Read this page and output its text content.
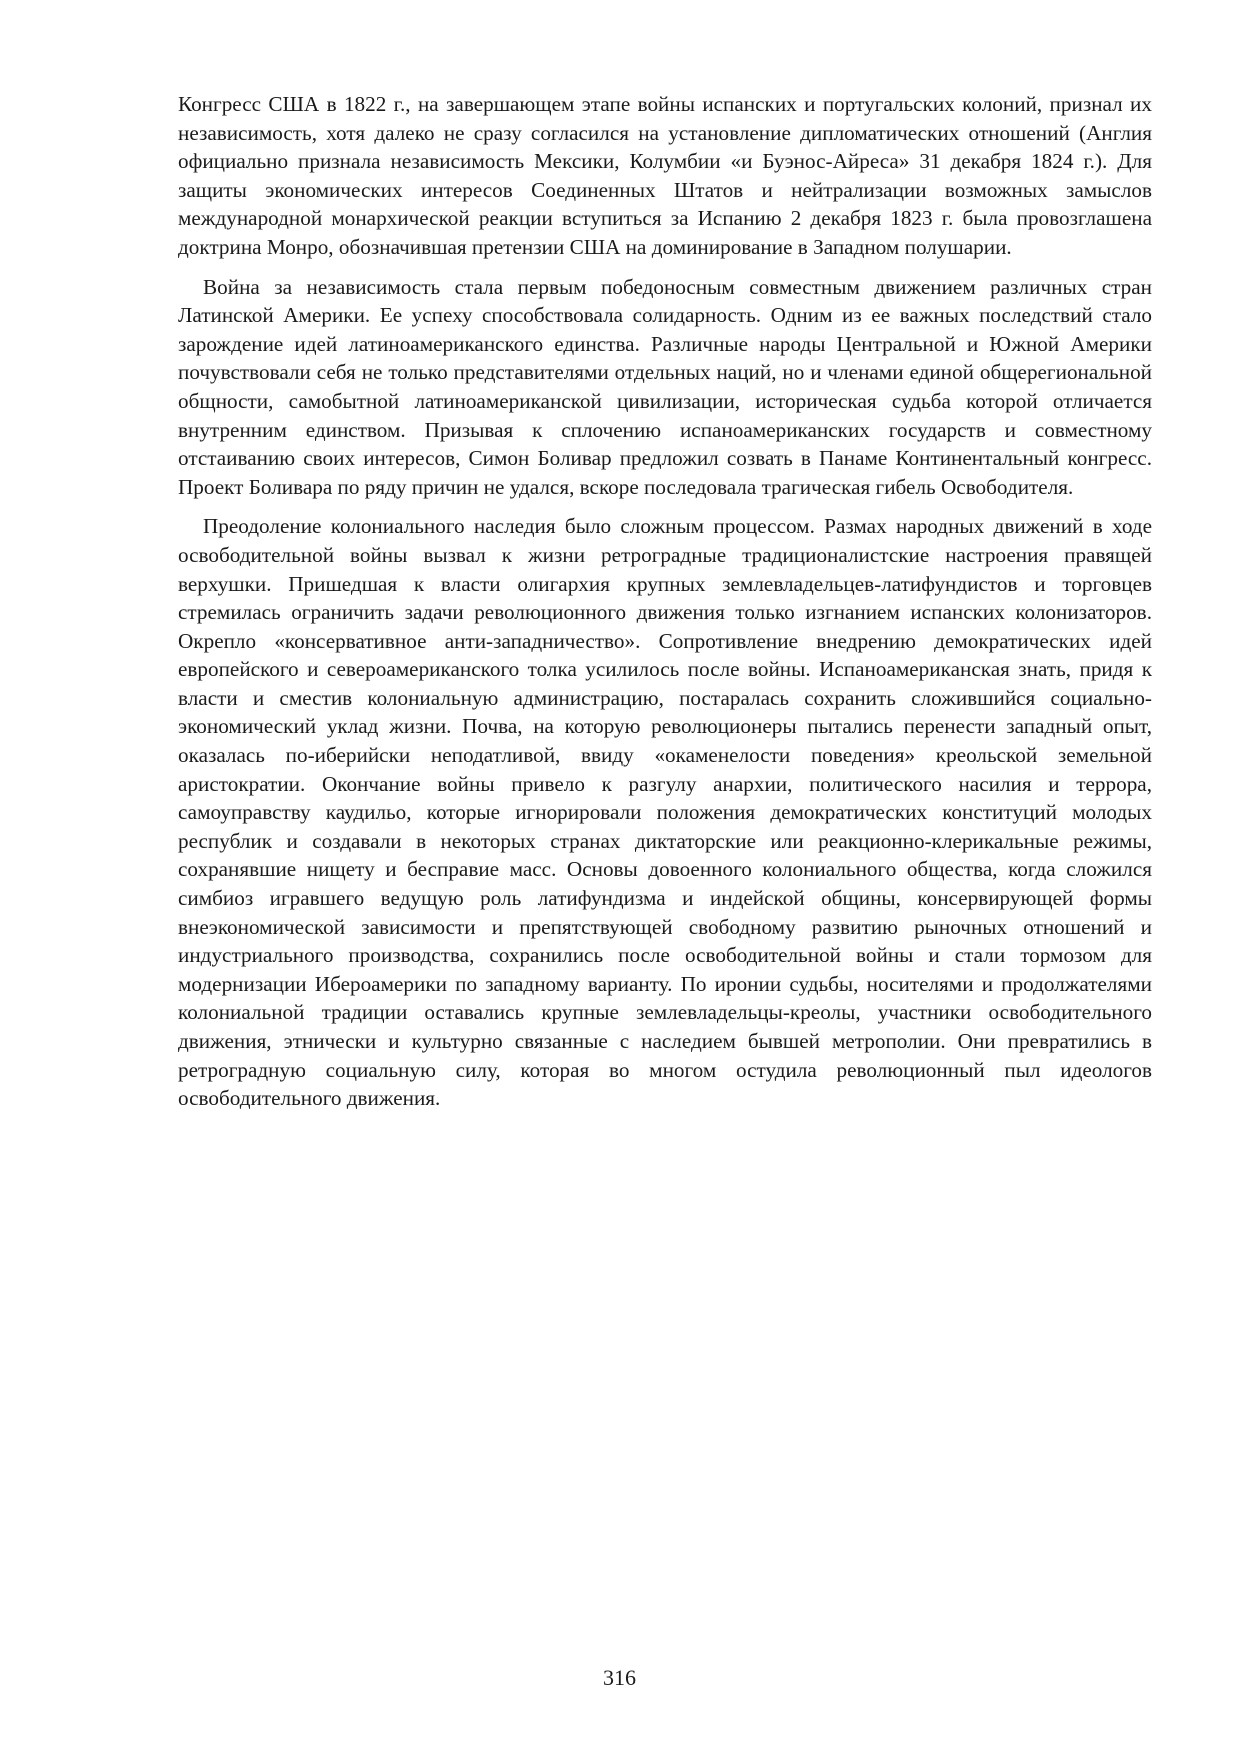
Конгресс США в 1822 г., на завершающем этапе войны испанских и португальских колоний, признал их независимость, хотя далеко не сразу согласился на установление дипломатических отношений (Англия официально признала независимость Мексики, Колумбии «и Буэнос-Айреса» 31 декабря 1824 г.). Для защиты экономических интересов Соединенных Штатов и нейтрализации возможных замыслов международной монархической реакции вступиться за Испанию 2 декабря 1823 г. была провозглашена доктрина Монро, обозначившая претензии США на доминирование в Западном полушарии.

Война за независимость стала первым победоносным совместным движением различных стран Латинской Америки. Ее успеху способствовала солидарность. Одним из ее важных последствий стало зарождение идей латиноамериканского единства. Различные народы Центральной и Южной Америки почувствовали себя не только представителями отдельных наций, но и членами единой общерегиональной общности, самобытной латиноамериканской цивилизации, историческая судьба которой отличается внутренним единством. Призывая к сплочению испаноамериканских государств и совместному отстаиванию своих интересов, Симон Боливар предложил созвать в Панаме Континентальный конгресс. Проект Боливара по ряду причин не удался, вскоре последовала трагическая гибель Освободителя.

Преодоление колониального наследия было сложным процессом. Размах народных движений в ходе освободительной войны вызвал к жизни ретроградные традиционалистские настроения правящей верхушки. Пришедшая к власти олигархия крупных землевладельцев-латифундистов и торговцев стремилась ограничить задачи революционного движения только изгнанием испанских колонизаторов. Окрепло «консервативное анти-западничество». Сопротивление внедрению демократических идей европейского и североамериканского толка усилилось после войны. Испаноамериканская знать, придя к власти и сместив колониальную администрацию, постаралась сохранить сложившийся социально-экономический уклад жизни. Почва, на которую революционеры пытались перенести западный опыт, оказалась по-иберийски неподатливой, ввиду «окаменелости поведения» креольской земельной аристократии. Окончание войны привело к разгулу анархии, политического насилия и террора, самоуправству каудильо, которые игнорировали положения демократических конституций молодых республик и создавали в некоторых странах диктаторские или реакционно-клерикальные режимы, сохранявшие нищету и бесправие масс. Основы довоенного колониального общества, когда сложился симбиоз игравшего ведущую роль латифундизма и индейской общины, консервирующей формы внеэкономической зависимости и препятствующей свободному развитию рыночных отношений и индустриального производства, сохранились после освободительной войны и стали тормозом для модернизации Ибероамерики по западному варианту. По иронии судьбы, носителями и продолжателями колониальной традиции оставались крупные землевладельцы-креолы, участники освободительного движения, этнически и культурно связанные с наследием бывшей метрополии. Они превратились в ретроградную социальную силу, которая во многом остудила революционный пыл идеологов освободительного движения.

316
